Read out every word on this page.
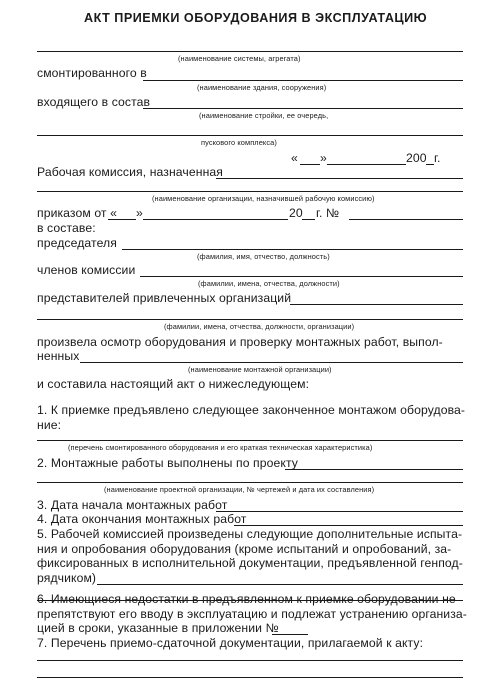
АКТ ПРИЕМКИ ОБОРУДОВАНИЯ В ЭКСПЛУАТАЦИЮ
(наименование системы, агрегата)
смонтированного в
(наименование здания, сооружения)
входящего в состав
(наименование стройки, ее очередь,
пускового комплекса)
« »	200 г.
Рабочая комиссия, назначенная
(наименование организации, назначившей рабочую комиссию)
приказом от « »	20 г. №
в составе:
председателя
(фамилия, имя, отчество, должность)
членов комиссии
(фамилии, имена, отчества, должности)
представителей привлеченных организаций
(фамилии, имена, отчества, должности, организации)
произвела осмотр оборудования и проверку монтажных работ, выпол-
ненных
(наименование монтажной организации)
и составила настоящий акт о нижеследующем:
1. К приемке предъявлено следующее законченное монтажом оборудова-
ние:
(перечень смонтированного оборудования и его краткая техническая характеристика)
2. Монтажные работы выполнены по проекту
(наименование проектной организации, № чертежей и дата их составления)
3. Дата начала монтажных работ
4. Дата окончания монтажных работ
5. Рабочей комиссией произведены следующие дополнительные испыта-
ния и опробования оборудования (кроме испытаний и опробований, за-
фиксированных в исполнительной документации, предъявленной генпод-
рядчиком)
6. Имеющиеся недостатки в предъявленном к приемке оборудовании не
препятствуют его вводу в эксплуатацию и подлежат устранению организа-
цией в сроки, указанные в приложении №
7. Перечень приемо-сдаточной документации, прилагаемой к акту:
